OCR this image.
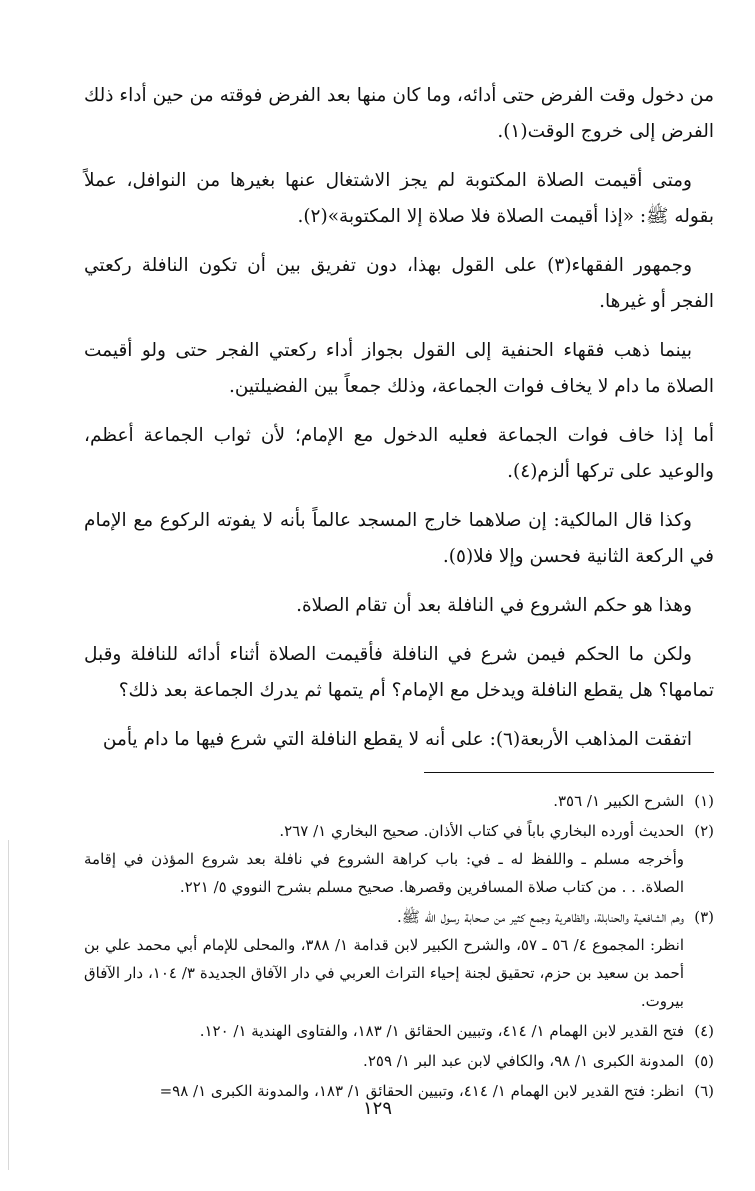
من دخول وقت الفرض حتى أدائه، وما كان منها بعد الفرض فوقته من حين أداء ذلك الفرض إلى خروج الوقت(١).

ومتى أقيمت الصلاة المكتوبة لم يجز الاشتغال عنها بغيرها من النوافل، عملاً بقوله ﷺ: «إذا أقيمت الصلاة فلا صلاة إلا المكتوبة»(٢).

وجمهور الفقهاء(٣) على القول بهذا، دون تفريق بين أن تكون النافلة ركعتي الفجر أو غيرها.

بينما ذهب فقهاء الحنفية إلى القول بجواز أداء ركعتي الفجر حتى ولو أقيمت الصلاة ما دام لا يخاف فوات الجماعة، وذلك جمعاً بين الفضيلتين.

أما إذا خاف فوات الجماعة فعليه الدخول مع الإمام؛ لأن ثواب الجماعة أعظم، والوعيد على تركها ألزم(٤).

وكذا قال المالكية: إن صلاهما خارج المسجد عالماً بأنه لا يفوته الركوع مع الإمام في الركعة الثانية فحسن وإلا فلا(٥).

وهذا هو حكم الشروع في النافلة بعد أن تقام الصلاة.

ولكن ما الحكم فيمن شرع في النافلة فأقيمت الصلاة أثناء أدائه للنافلة وقبل تمامها؟ هل يقطع النافلة ويدخل مع الإمام؟ أم يتمها ثم يدرك الجماعة بعد ذلك؟

اتفقت المذاهب الأربعة(٦): على أنه لا يقطع النافلة التي شرع فيها ما دام يأمن

(١)
الشرح الكبير ١/ ٣٥٦.
(٢)
الحديث أورده البخاري باباً في كتاب الأذان. صحيح البخاري ١/ ٢٦٧.
وأخرجه مسلم ـ واللفظ له ـ في: باب كراهة الشروع في نافلة بعد شروع المؤذن في إقامة الصلاة. . . من كتاب صلاة المسافرين وقصرها. صحيح مسلم بشرح النووي ٥/ ٢٢١.
(٣)
وهم الشافعية والحنابلة، والظاهرية وجمع كثير من صحابة رسول الله ﷺ.
انظر: المجموع ٤/ ٥٦ ـ ٥٧، والشرح الكبير لابن قدامة ١/ ٣٨٨، والمحلى للإمام أبي محمد علي بن أحمد بن سعيد بن حزم، تحقيق لجنة إحياء التراث العربي في دار الآفاق الجديدة ٣/ ١٠٤، دار الآفاق بيروت.
(٤)
فتح القدير لابن الهمام ١/ ٤١٤، وتبيين الحقائق ١/ ١٨٣، والفتاوى الهندية ١/ ١٢٠.
(٥)
المدونة الكبرى ١/ ٩٨، والكافي لابن عبد البر ١/ ٢٥٩.
(٦)
انظر: فتح القدير لابن الهمام ١/ ٤١٤، وتبيين الحقائق ١/ ١٨٣، والمدونة الكبرى ١/ ٩٨=
١٢٩
